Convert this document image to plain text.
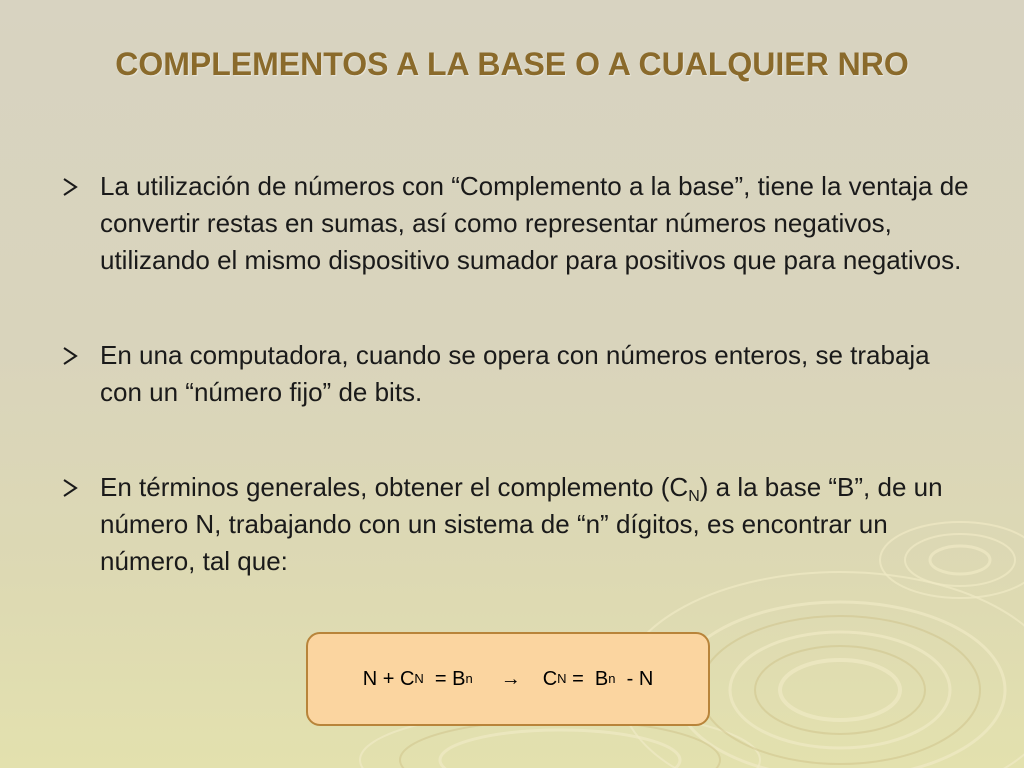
COMPLEMENTOS A LA BASE O A CUALQUIER NRO
La utilización de números con “Complemento a la base”, tiene la ventaja de convertir restas en sumas, así como representar números negativos, utilizando el mismo dispositivo sumador para positivos que para negativos.
En una computadora, cuando se opera con números enteros, se trabaja con un “número fijo” de bits.
En términos generales, obtener el complemento $(C_N)$ a la base “B”, de un número N, trabajando con un sistema de “n” dígitos, es encontrar un número, tal que:
N + C N = B n → C N =  B n - N
